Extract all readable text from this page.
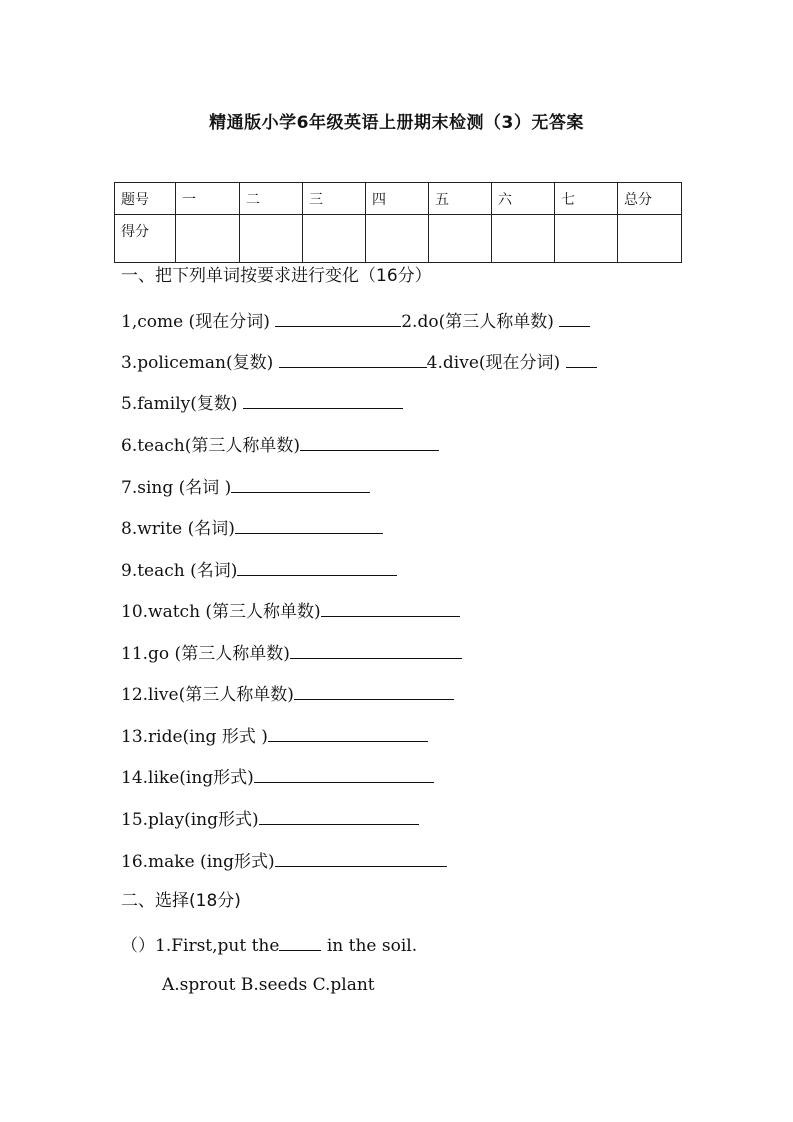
精通版小学6年级英语上册期末检测（3）无答案
题号	一	二	三	四	五	六	七	总分
得分								
一、把下列单词按要求进行变化（16分）
1,come (现在分词)	2.do(第三人称单数)
3.policeman(复数)	4.dive(现在分词)
5.family(复数)
6.teach(第三人称单数)
7.sing (名词 )
8.write (名词)
9.teach (名词)
10.watch (第三人称单数)
11.go (第三人称单数)
12.live(第三人称单数)
13.ride(ing 形式 )
14.like(ing形式)
15.play(ing形式)
16.make (ing形式)
二、选择(18分)
（）1.First,put the in the soil.
A.sprout B.seeds C.plant
